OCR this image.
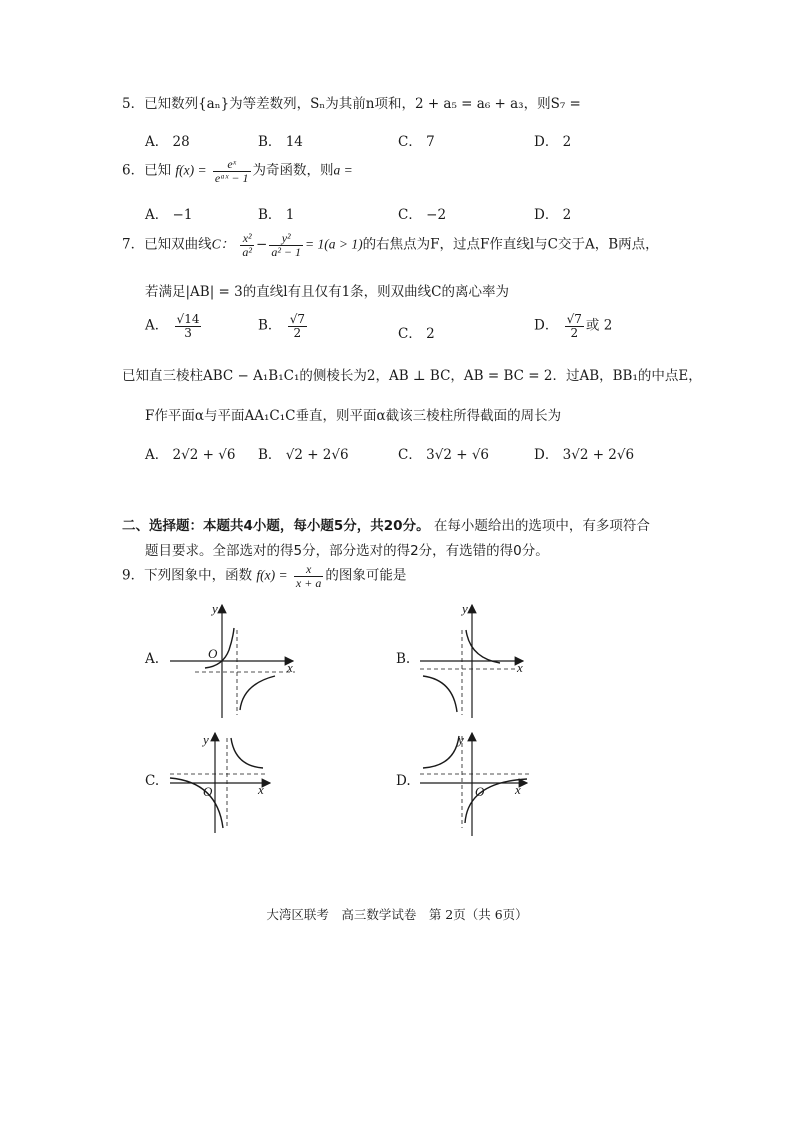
5．已知数列{aₙ}为等差数列，Sₙ为其前n项和，2 + a₅ = a₆ + a₃，则S₇ =
A． 28	B． 14	C． 7	D． 2
6．已知 $f(x) = \frac{\text{eˣ}}{\text{eᵃˣ − 1}}$ 为奇函数，则a =
A． −1	B． 1	C． −2	D． 2
7．已知双曲线C： $\frac{\text{x²}}{\text{a²}} - \frac{\text{y²}}{\text{a² − 1}} = 1(a > 1)$的右焦点为F，过点F作直线l与C交于A，B两点，
若满足|AB| = 3的直线l有且仅有1条，则双曲线C的离心率为
A． $\frac{√14}{3}$	B． $\frac{√7}{2}$	C． 2
D． $\frac{√7}{2}$ 或 2
已知直三棱柱ABC − A₁B₁C₁的侧棱长为2，AB ⊥ BC，AB = BC = 2．过AB，BB₁的中点E，
F作平面α与平面AA₁C₁C垂直，则平面α截该三棱柱所得截面的周长为
A． 2√2 + √6 B． √2 + 2√6	C． 3√2 + √6	D． 3√2 + 2√6
二、选择题：本题共4小题，每小题5分，共20分。 在每小题给出的选项中，有多项符合
题目要求。全部选对的得5分，部分选对的得2分，有选错的得0分。
9．下列图象中，函数 $f(x) = \frac{x}{x + a}$ 的图象可能是
A.	B.
C.	D.
O
x
y
x
y
O	x
y
O x
y
大湾区联考　高三数学试卷　第 2页（共 6页）
